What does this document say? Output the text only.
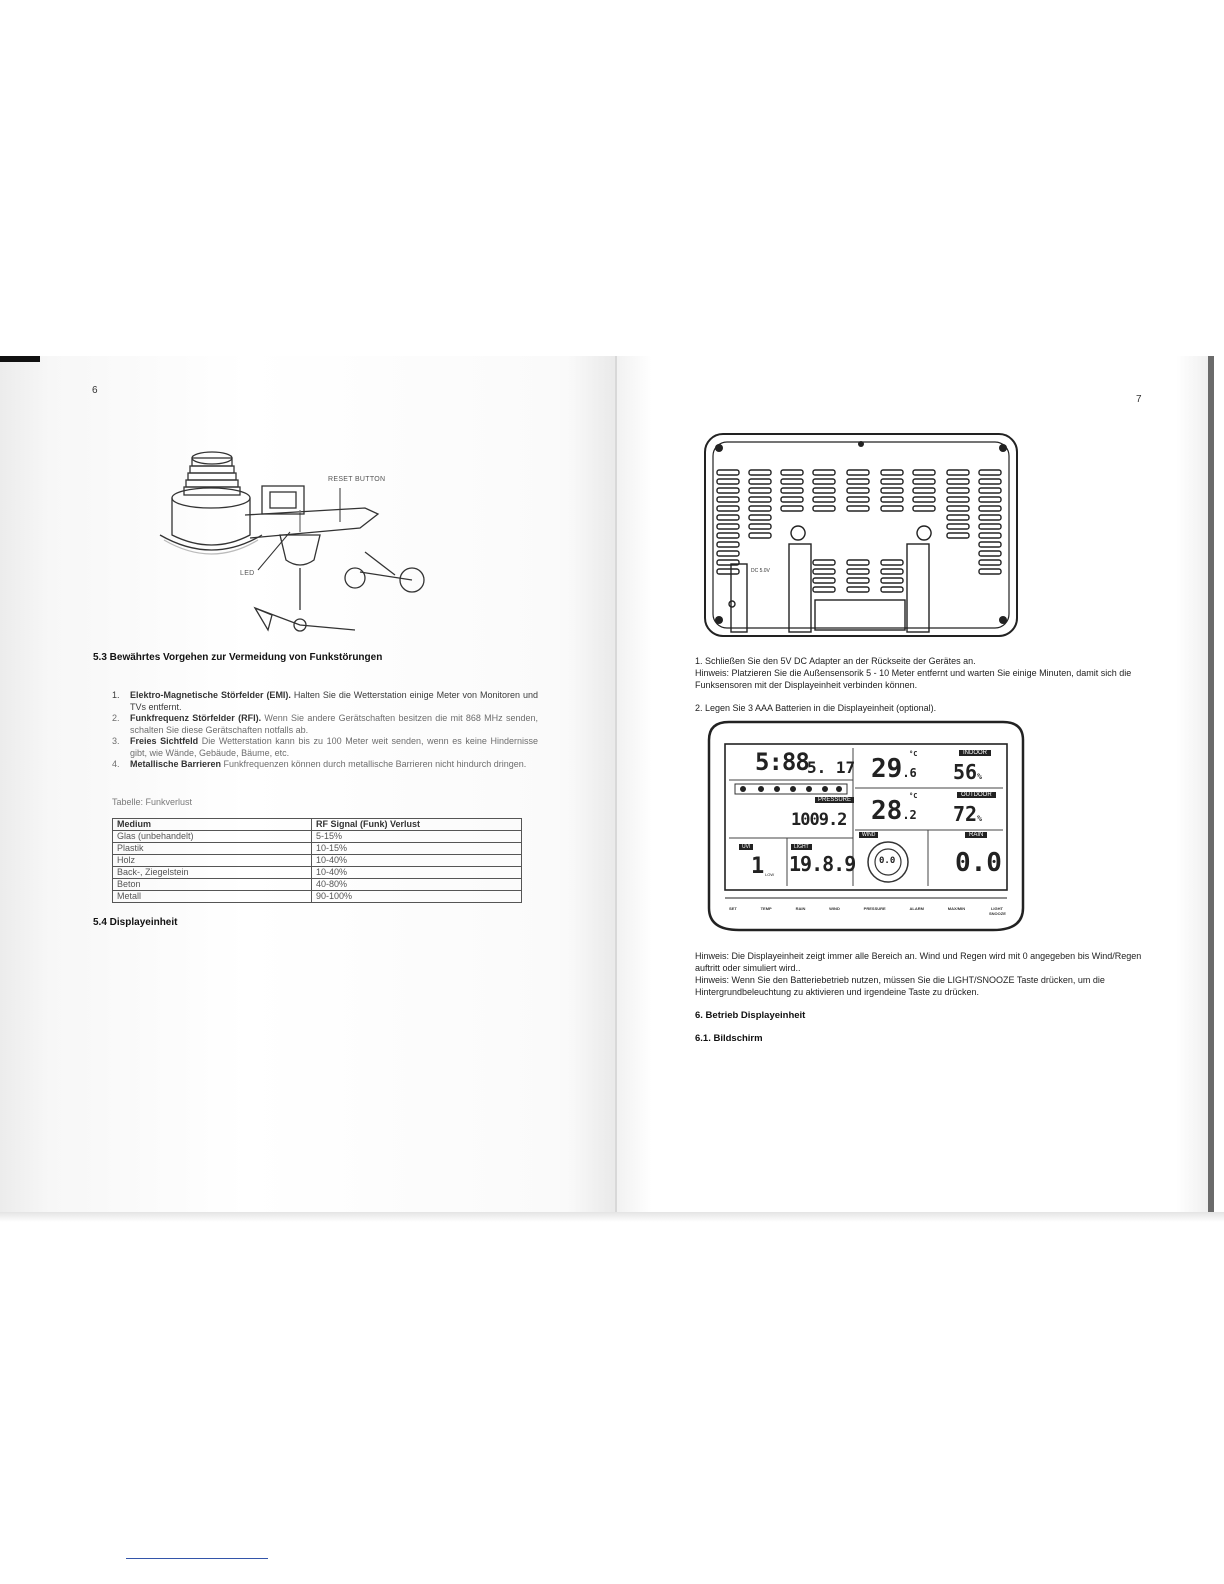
6
RESET BUTTON
LED
5.3 Bewährtes Vorgehen zur Vermeidung von Funkstörungen
1. Elektro-Magnetische Störfelder (EMI). Halten Sie die Wetterstation einige Meter von Monitoren und TVs entfernt.
2. Funkfrequenz Störfelder (RFI). Wenn Sie andere Gerätschaften besitzen die mit 868 MHz senden, schalten Sie diese Gerätschaften notfalls ab.
3. Freies Sichtfeld Die Wetterstation kann bis zu 100 Meter weit senden, wenn es keine Hindernisse gibt, wie Wände, Gebäude, Bäume, etc.
4. Metallische Barrieren Funkfrequenzen können durch metallische Barrieren nicht hindurch dringen.
Tabelle: Funkverlust
Medium	RF Signal (Funk) Verlust
Glas (unbehandelt)	5-15%
Plastik	10-15%
Holz	10-40%
Back-, Ziegelstein	10-40%
Beton	40-80%
Metall	90-100%
5.4 Displayeinheit
7
DC 5.0V
1. Schließen Sie den 5V DC Adapter an der Rückseite der Gerätes an.
Hinweis: Platzieren Sie die Außensensorik 5 - 10 Meter entfernt und warten Sie einige Minuten, damit sich die Funksensoren mit der Displayeinheit verbinden können.
2. Legen Sie 3 AAA Batterien in die Displayeinheit (optional).
5:88
5. 17
INDOOR
29.6
°C
56%
OUTDOOR
28.2
°C
72%
PRESSURE
1009.2
WIND
0.0
RAIN
0.0
UVI
1 LOW
LIGHT
19.8.9
SET	TEMP	RAIN	WIND	PRESSURE	ALARM	MAX/MIN	LIGHT SNOOZE
Hinweis: Die Displayeinheit zeigt immer alle Bereich an. Wind und Regen wird mit 0 angegeben bis Wind/Regen auftritt oder simuliert wird..
Hinweis: Wenn Sie den Batteriebetrieb nutzen, müssen Sie die LIGHT/SNOOZE Taste drücken, um die Hintergrundbeleuchtung zu aktivieren und irgendeine Taste zu drücken.
6. Betrieb Displayeinheit
6.1. Bildschirm
